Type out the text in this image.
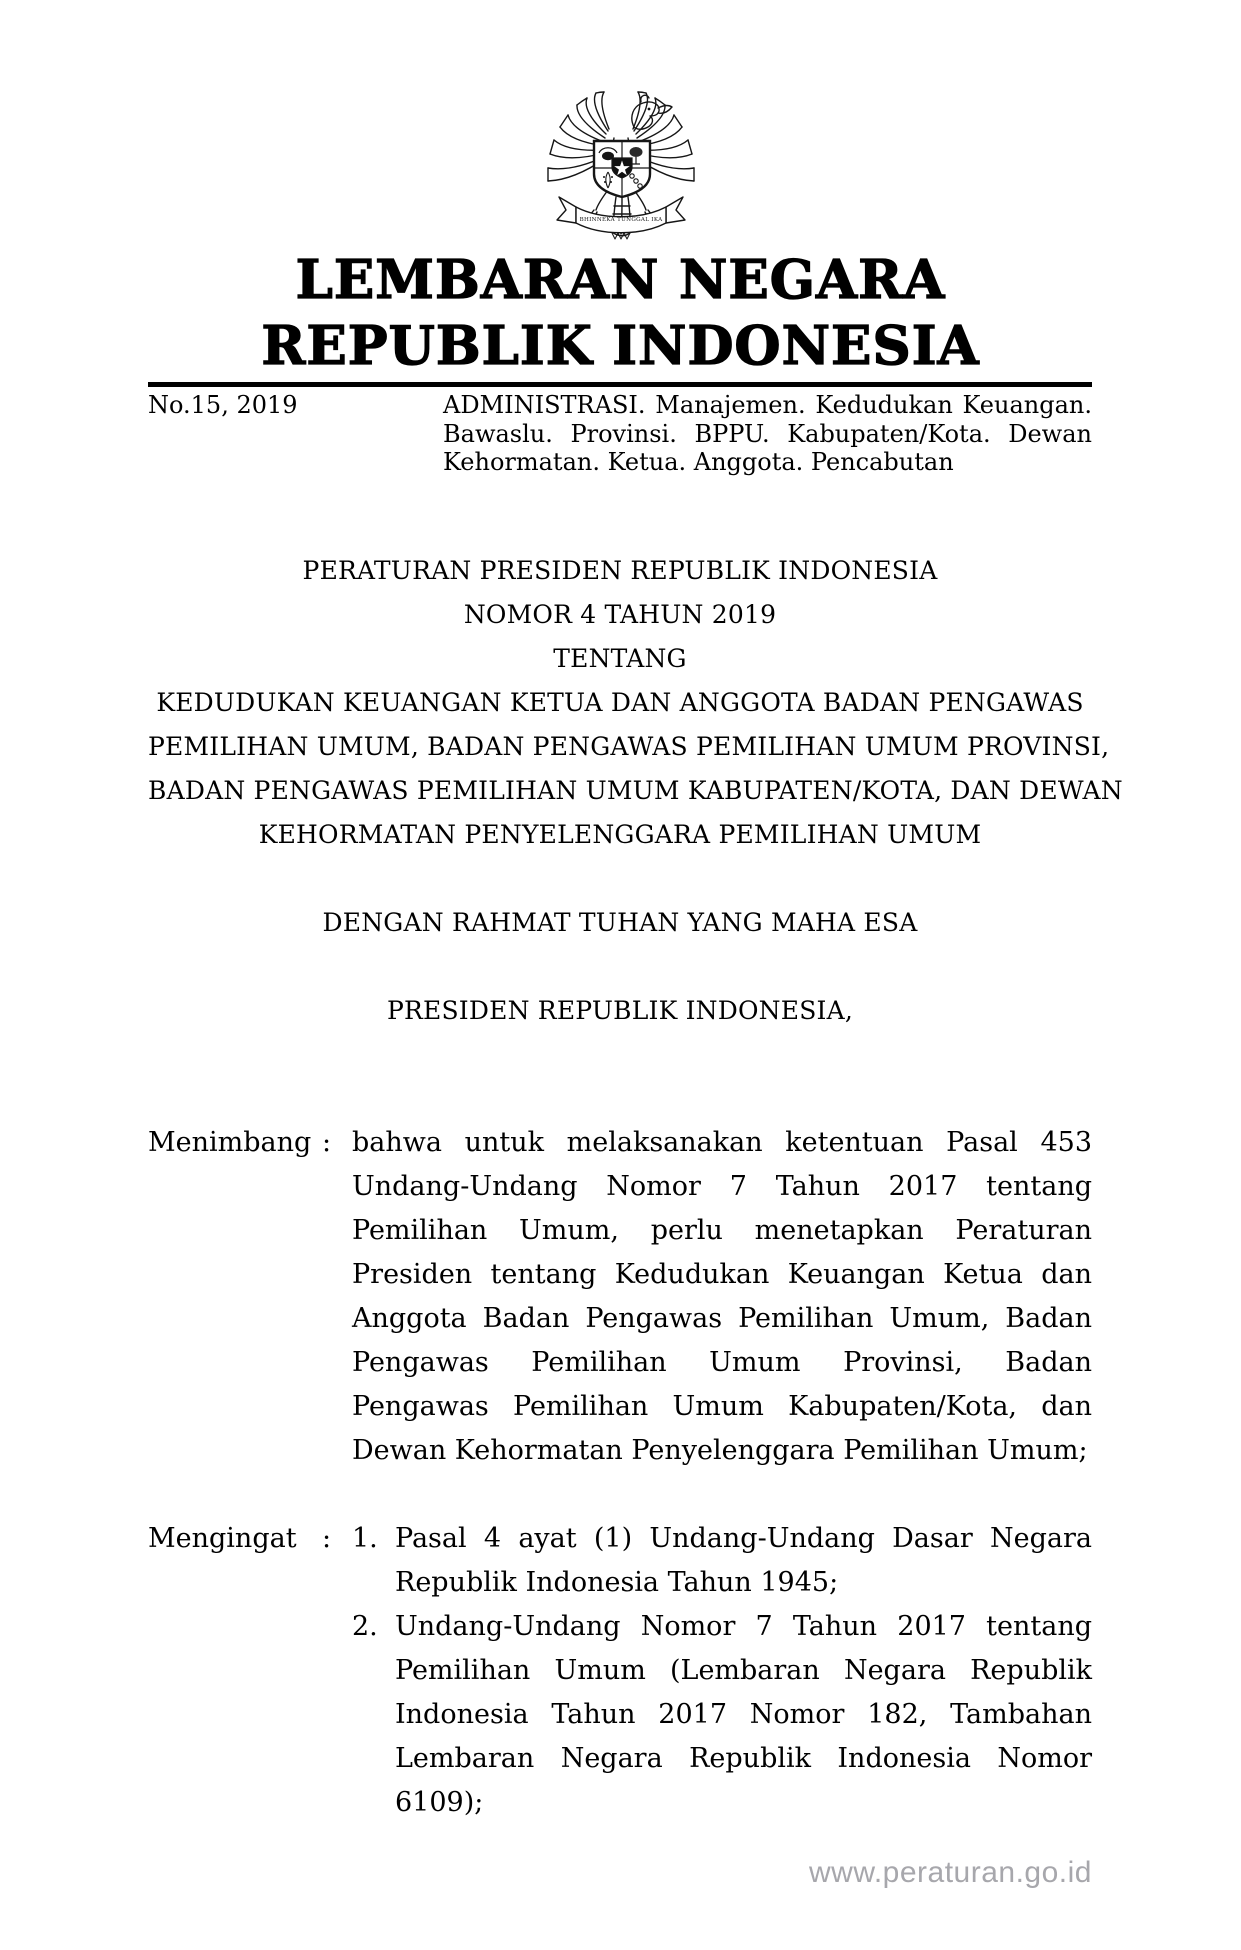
BHINNEKA TUNGGAL IKA
LEMBARAN NEGARA
REPUBLIK INDONESIA
No.15, 2019	ADMINISTRASI. Manajemen. Kedudukan Keuangan. Bawaslu. Provinsi. BPPU. Kabupaten/Kota. Dewan Kehormatan. Ketua. Anggota. Pencabutan
PERATURAN PRESIDEN REPUBLIK INDONESIA
NOMOR 4 TAHUN 2019
TENTANG
KEDUDUKAN KEUANGAN KETUA DAN ANGGOTA BADAN PENGAWAS
PEMILIHAN UMUM, BADAN PENGAWAS PEMILIHAN UMUM PROVINSI,
BADAN PENGAWAS PEMILIHAN UMUM KABUPATEN/KOTA, DAN DEWAN
KEHORMATAN PENYELENGGARA PEMILIHAN UMUM
DENGAN RAHMAT TUHAN YANG MAHA ESA
PRESIDEN REPUBLIK INDONESIA,
Menimbang : bahwa untuk melaksanakan ketentuan Pasal 453 Undang-Undang Nomor 7 Tahun 2017 tentang Pemilihan Umum, perlu menetapkan Peraturan Presiden tentang Kedudukan Keuangan Ketua dan Anggota Badan Pengawas Pemilihan Umum, Badan Pengawas Pemilihan Umum Provinsi, Badan Pengawas Pemilihan Umum Kabupaten/Kota, dan Dewan Kehormatan Penyelenggara Pemilihan Umum;
Mengingat : 1. Pasal 4 ayat (1) Undang-Undang Dasar Negara Republik Indonesia Tahun 1945;
2. Undang-Undang Nomor 7 Tahun 2017 tentang Pemilihan Umum (Lembaran Negara Republik Indonesia Tahun 2017 Nomor 182, Tambahan Lembaran Negara Republik Indonesia Nomor 6109);
www.peraturan.go.id
